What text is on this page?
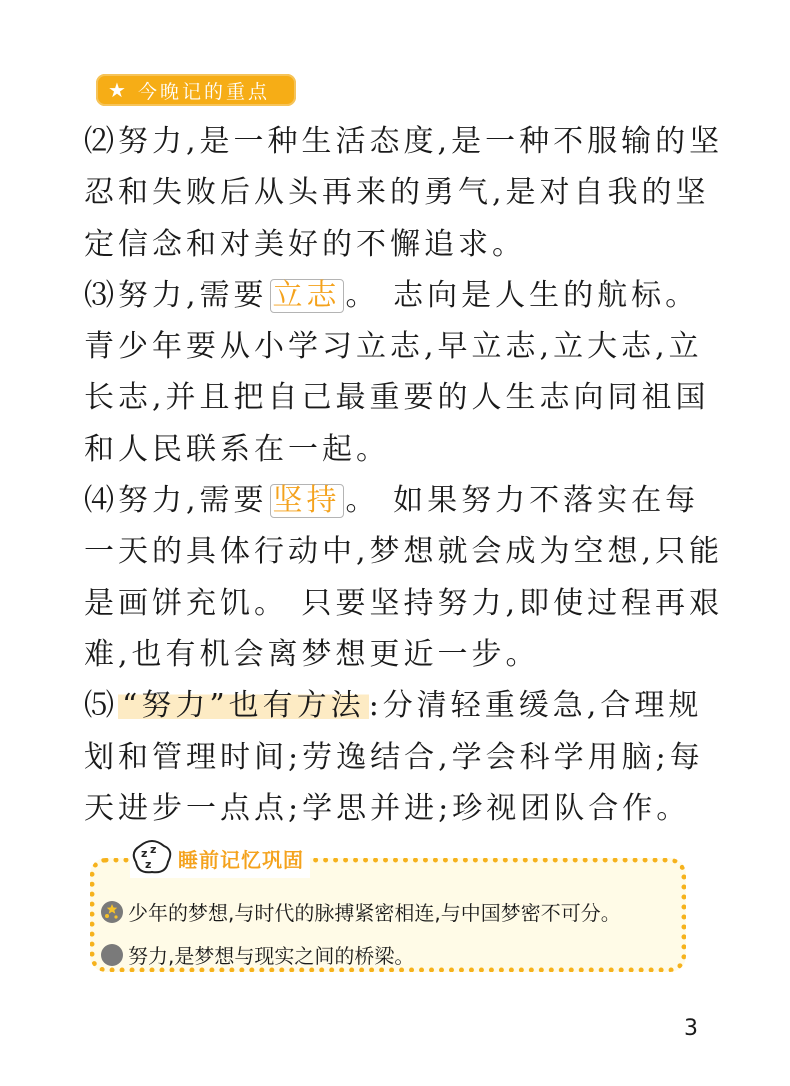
★ 今晚记的重点

⑵努力,是一种生活态度,是一种不服输的坚忍和失败后从头再来的勇气,是对自我的坚定信念和对美好的不懈追求。

⑶努力,需要 立志 。 志向是人生的航标。 青少年要从小学习立志,早立志,立大志,立长志,并且把自己最重要的人生志向同祖国和人民联系在一起。

⑷努力,需要 坚持 。 如果努力不落实在每一天的具体行动中,梦想就会成为空想,只能是画饼充饥。 只要坚持努力,即使过程再艰难,也有机会离梦想更近一步。

⑸ “努力”也有方法 :分清轻重缓急,合理规划和管理时间;劳逸结合,学会科学用脑;每天进步一点点;学思并进;珍视团队合作。

z z
z 睡前记忆巩固
少年的梦想,与时代的脉搏紧密相连,与中国梦密不可分。
努力,是梦想与现实之间的桥梁。
3
